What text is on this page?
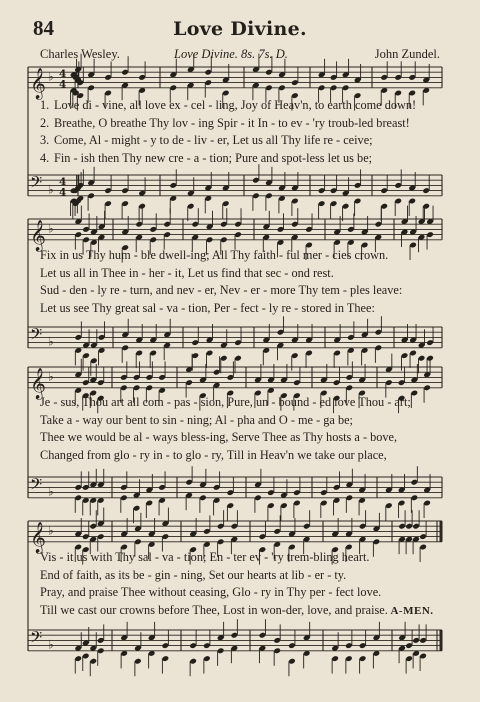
84	Love Divine.
Charles Wesley.	Love Divine. 8s. 7s. D.	John Zundel.
𝄞 ♭ 4
4
𝄞 ♭
𝄞 ♭
𝄞 ♭
𝄢 ♭
4
4
𝄢 ♭
𝄢 ♭
𝄢 ♭
1. Love di - vine, all love ex - cel - ling, Joy of Heav'n, to earth come down!
2. Breathe, O breathe Thy lov - ing Spir - it In - to ev - 'ry troub-led breast!
3. Come, Al - might - y to de - liv - er, Let us all Thy life re - ceive;
4. Fin - ish then Thy new cre - a - tion; Pure and spot-less let us be;
Fix in us Thy hum - ble dwell-ing; All Thy faith - ful mer - cies crown.
Let us all in Thee in - her - it, Let us find that sec - ond rest.
Sud - den - ly re - turn, and nev - er, Nev - er - more Thy tem - ples leave:
Let us see Thy great sal - va - tion, Per - fect - ly re - stored in Thee:
Je - sus, Thou art all com - pas - sion, Pure, un - bound - ed love Thou - art;
Take a - way our bent to sin - ning; Al - pha and O - me - ga be;
Thee we would be al - ways bless-ing, Serve Thee as Thy hosts a - bove,
Changed from glo - ry in - to glo - ry, Till in Heav'n we take our place,
Vis - it us with Thy sal - va - tion; En - ter ev - 'ry trem-bling heart.
End of faith, as its be - gin - ning, Set our hearts at lib - er - ty.
Pray, and praise Thee without ceasing, Glo - ry in Thy per - fect love.
Till we cast our crowns before Thee, Lost in won-der, love, and praise. A-MEN.
